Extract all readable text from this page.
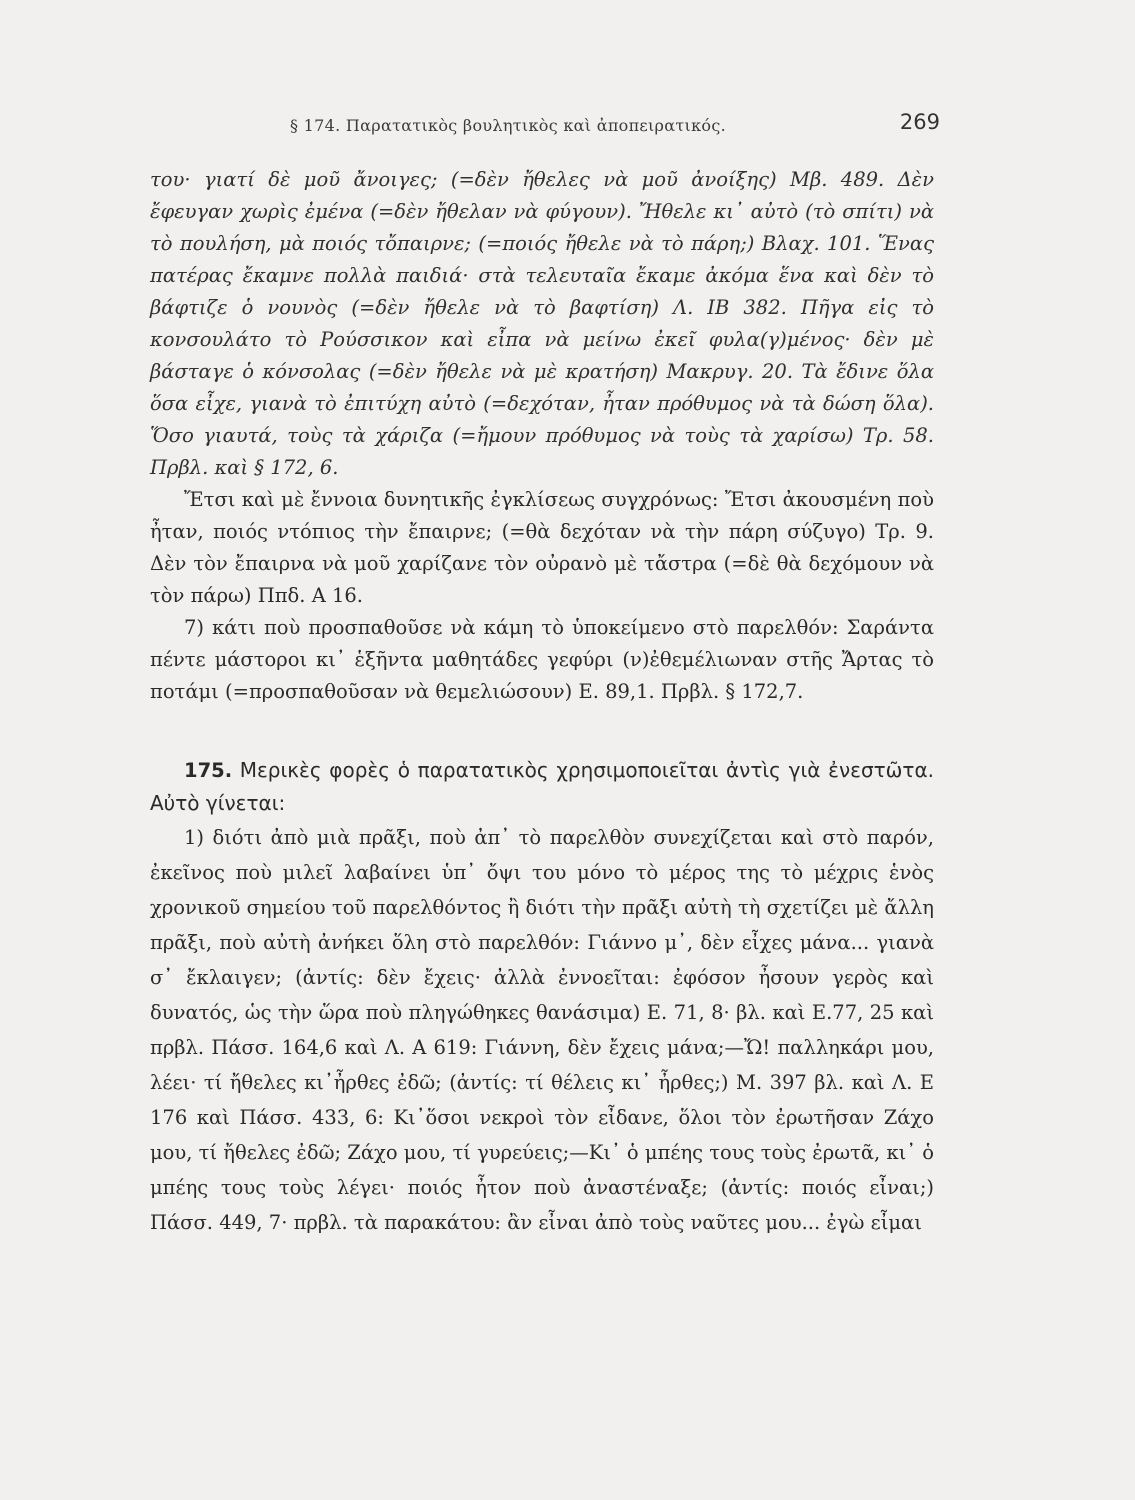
§ 174. Παρατατικὸς βουλητικὸς καὶ ἀποπειρατικός.	269

του· γιατί δὲ μοῦ ἄνοιγες; (=δὲν ἤθελες νὰ μοῦ ἀνοίξης) Μβ. 489. Δὲν ἔφευγαν χωρὶς ἐμένα (=δὲν ἤθελαν νὰ φύγουν). Ἤθελε κι᾿ αὐτὸ (τὸ σπίτι) νὰ τὸ πουλήση, μὰ ποιός τὄπαιρνε; (=ποιός ἤθελε νὰ τὸ πάρη;) Βλαχ. 101. Ἕνας πατέρας ἔκαμνε πολλὰ παιδιά· στὰ τελευταῖα ἔκαμε ἀκόμα ἕνα καὶ δὲν τὸ βάφτιζε ὁ νουνὸς (=δὲν ἤθελε νὰ τὸ βαφτίση) Λ. ΙΒ 382. Πῆγα εἰς τὸ κονσουλάτο τὸ Ρούσσικον καὶ εἶπα νὰ μείνω ἐκεῖ φυλα(γ)μένος· δὲν μὲ βάσταγε ὁ κόνσολας (=δὲν ἤθελε νὰ μὲ κρατήση) Μακρυγ. 20. Τὰ ἔδινε ὅλα ὅσα εἶχε, γιανὰ τὸ ἐπιτύχη αὐτὸ (=δεχόταν, ἦταν πρόθυμος νὰ τὰ δώση ὅλα). Ὅσο γιαυτά, τοὺς τὰ χάριζα (=ἤμουν πρόθυμος νὰ τοὺς τὰ χαρίσω) Τρ. 58. Πρβλ. καὶ § 172, 6.

Ἔτσι καὶ μὲ ἔννοια δυνητικῆς ἐγκλίσεως συγχρόνως: Ἔτσι ἀκουσμένη ποὺ ἦταν, ποιός ντόπιος τὴν ἔπαιρνε; (=θὰ δεχόταν νὰ τὴν πάρη σύζυγο) Τρ. 9. Δὲν τὸν ἔπαιρνα νὰ μοῦ χαρίζανε τὸν οὐρανὸ μὲ τἄστρα (=δὲ θὰ δεχόμουν νὰ τὸν πάρω) Ππδ. Α 16.

7) κάτι ποὺ προσπαθοῦσε νὰ κάμη τὸ ὑποκείμενο στὸ παρελθόν: Σαράντα πέντε μάστοροι κι᾿ ἑξῆντα μαθητάδες γεφύρι (ν)ἐθεμέλιωναν στῆς Ἄρτας τὸ ποτάμι (=προσπαθοῦσαν νὰ θεμελιώσουν) Ε. 89,1. Πρβλ. § 172,7.

175. Μερικὲς φορὲς ὁ παρατατικὸς χρησιμοποιεῖται ἀντὶς γιὰ ἐνεστῶτα. Αὐτὸ γίνεται:

1) διότι ἀπὸ μιὰ πρᾶξι, ποὺ ἀπ᾿ τὸ παρελθὸν συνεχίζεται καὶ στὸ παρόν, ἐκεῖνος ποὺ μιλεῖ λαβαίνει ὑπ᾿ ὄψι του μόνο τὸ μέρος της τὸ μέχρις ἑνὸς χρονικοῦ σημείου τοῦ παρελθόντος ἢ διότι τὴν πρᾶξι αὐτὴ τὴ σχετίζει μὲ ἄλλη πρᾶξι, ποὺ αὐτὴ ἀνήκει ὅλη στὸ παρελθόν: Γιάννο μ᾿, δὲν εἶχες μάνα... γιανὰ σ᾿ ἔκλαιγεν; (ἀντίς: δὲν ἔχεις· ἀλλὰ ἐννοεῖται: ἐφόσον ἦσουν γερὸς καὶ δυνατός, ὡς τὴν ὥρα ποὺ πληγώθηκες θανάσιμα) Ε. 71, 8· βλ. καὶ Ε.77, 25 καὶ πρβλ. Πάσσ. 164,6 καὶ Λ. Α 619: Γιάννη, δὲν ἔχεις μάνα;—Ὤ! παλληκάρι μου, λέει· τί ἤθελες κι᾿ἦρθες ἐδῶ; (ἀντίς: τί θέλεις κι᾿ ἦρθες;) Μ. 397 βλ. καὶ Λ. Ε 176 καὶ Πάσσ. 433, 6: Κι᾿ὅσοι νεκροὶ τὸν εἶδανε, ὅλοι τὸν ἐρωτῆσαν Ζάχο μου, τί ἤθελες ἐδῶ; Ζάχο μου, τί γυρεύεις;—Κι᾿ ὁ μπέης τους τοὺς ἐρωτᾶ, κι᾿ ὁ μπέης τους τοὺς λέγει· ποιός ἦτον ποὺ ἀναστέναξε; (ἀντίς: ποιός εἶναι;) Πάσσ. 449, 7· πρβλ. τὰ παρακάτου: ἂν εἶναι ἀπὸ τοὺς ναῦτες μου... ἐγὼ εἶμαι
